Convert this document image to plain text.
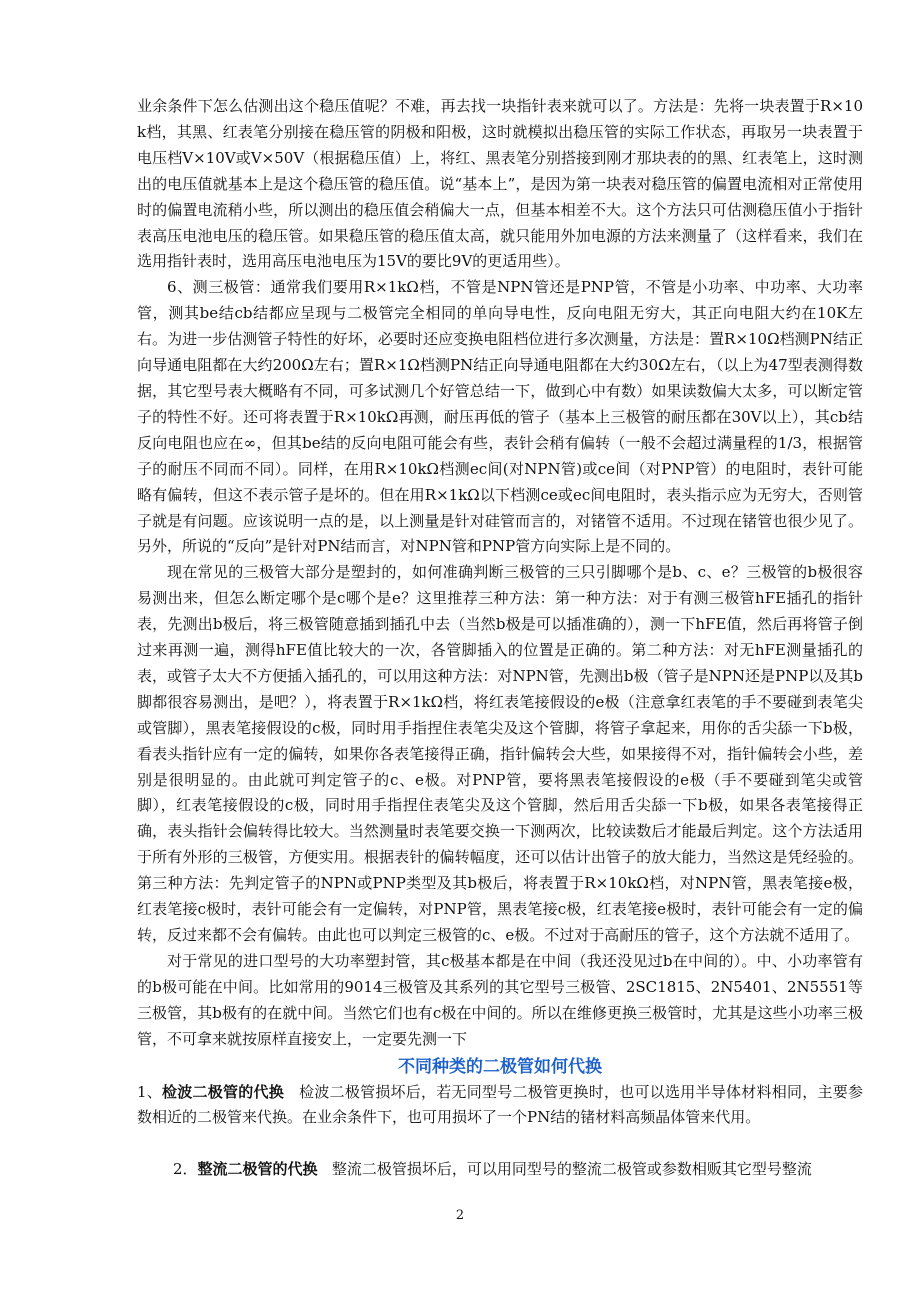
业余条件下怎么估测出这个稳压值呢？不难，再去找一块指针表来就可以了。方法是：先将一块表置于R×10k档，其黑、红表笔分别接在稳压管的阴极和阳极，这时就模拟出稳压管的实际工作状态，再取另一块表置于电压档V×10V或V×50V（根据稳压值）上，将红、黑表笔分别搭接到刚才那块表的的黑、红表笔上，这时测出的电压值就基本上是这个稳压管的稳压值。说“基本上”，是因为第一块表对稳压管的偏置电流相对正常使用时的偏置电流稍小些，所以测出的稳压值会稍偏大一点，但基本相差不大。这个方法只可估测稳压值小于指针表高压电池电压的稳压管。如果稳压管的稳压值太高，就只能用外加电源的方法来测量了（这样看来，我们在选用指针表时，选用高压电池电压为15V的要比9V的更适用些）。

6、测三极管：通常我们要用R×1kΩ档，不管是NPN管还是PNP管，不管是小功率、中功率、大功率管，测其be结cb结都应呈现与二极管完全相同的单向导电性，反向电阻无穷大，其正向电阻大约在10K左右。为进一步估测管子特性的好坏，必要时还应变换电阻档位进行多次测量，方法是：置R×10Ω档测PN结正向导通电阻都在大约200Ω左右；置R×1Ω档测PN结正向导通电阻都在大约30Ω左右，（以上为47型表测得数据，其它型号表大概略有不同，可多试测几个好管总结一下，做到心中有数）如果读数偏大太多，可以断定管子的特性不好。还可将表置于R×10kΩ再测，耐压再低的管子（基本上三极管的耐压都在30V以上），其cb结反向电阻也应在∞，但其be结的反向电阻可能会有些，表针会稍有偏转（一般不会超过满量程的1/3，根据管子的耐压不同而不同）。同样，在用R×10kΩ档测ec间(对NPN管)或ce间（对PNP管）的电阻时，表针可能略有偏转，但这不表示管子是坏的。但在用R×1kΩ以下档测ce或ec间电阻时，表头指示应为无穷大，否则管子就是有问题。应该说明一点的是，以上测量是针对硅管而言的，对锗管不适用。不过现在锗管也很少见了。另外，所说的“反向”是针对PN结而言，对NPN管和PNP管方向实际上是不同的。

现在常见的三极管大部分是塑封的，如何准确判断三极管的三只引脚哪个是b、c、e？三极管的b极很容易测出来，但怎么断定哪个是c哪个是e？这里推荐三种方法：第一种方法：对于有测三极管hFE插孔的指针表，先测出b极后，将三极管随意插到插孔中去（当然b极是可以插准确的），测一下hFE值，然后再将管子倒过来再测一遍，测得hFE值比较大的一次，各管脚插入的位置是正确的。第二种方法：对无hFE测量插孔的表，或管子太大不方便插入插孔的，可以用这种方法：对NPN管，先测出b极（管子是NPN还是PNP以及其b脚都很容易测出，是吧？），将表置于R×1kΩ档，将红表笔接假设的e极（注意拿红表笔的手不要碰到表笔尖或管脚），黑表笔接假设的c极，同时用手指捏住表笔尖及这个管脚，将管子拿起来，用你的舌尖舔一下b极，看表头指针应有一定的偏转，如果你各表笔接得正确，指针偏转会大些，如果接得不对，指针偏转会小些，差别是很明显的。由此就可判定管子的c、e极。对PNP管，要将黑表笔接假设的e极（手不要碰到笔尖或管脚），红表笔接假设的c极，同时用手指捏住表笔尖及这个管脚，然后用舌尖舔一下b极，如果各表笔接得正确，表头指针会偏转得比较大。当然测量时表笔要交换一下测两次，比较读数后才能最后判定。这个方法适用于所有外形的三极管，方便实用。根据表针的偏转幅度，还可以估计出管子的放大能力，当然这是凭经验的。第三种方法：先判定管子的NPN或PNP类型及其b极后，将表置于R×10kΩ档，对NPN管，黑表笔接e极，红表笔接c极时，表针可能会有一定偏转，对PNP管，黑表笔接c极，红表笔接e极时，表针可能会有一定的偏转，反过来都不会有偏转。由此也可以判定三极管的c、e极。不过对于高耐压的管子，这个方法就不适用了。

对于常见的进口型号的大功率塑封管，其c极基本都是在中间（我还没见过b在中间的）。中、小功率管有的b极可能在中间。比如常用的9014三极管及其系列的其它型号三极管、2SC1815、2N5401、2N5551等三极管，其b极有的在就中间。当然它们也有c极在中间的。所以在维修更换三极管时，尤其是这些小功率三极管，不可拿来就按原样直接安上，一定要先测一下

不同种类的二极管如何代换

1、检波二极管的代换 检波二极管损坏后，若无同型号二极管更换时，也可以选用半导体材料相同，主要参数相近的二极管来代换。在业余条件下，也可用损坏了一个PN结的锗材料高频晶体管来代用。

2．整流二极管的代换 整流二极管损坏后，可以用同型号的整流二极管或参数相贩其它型号整流

2
